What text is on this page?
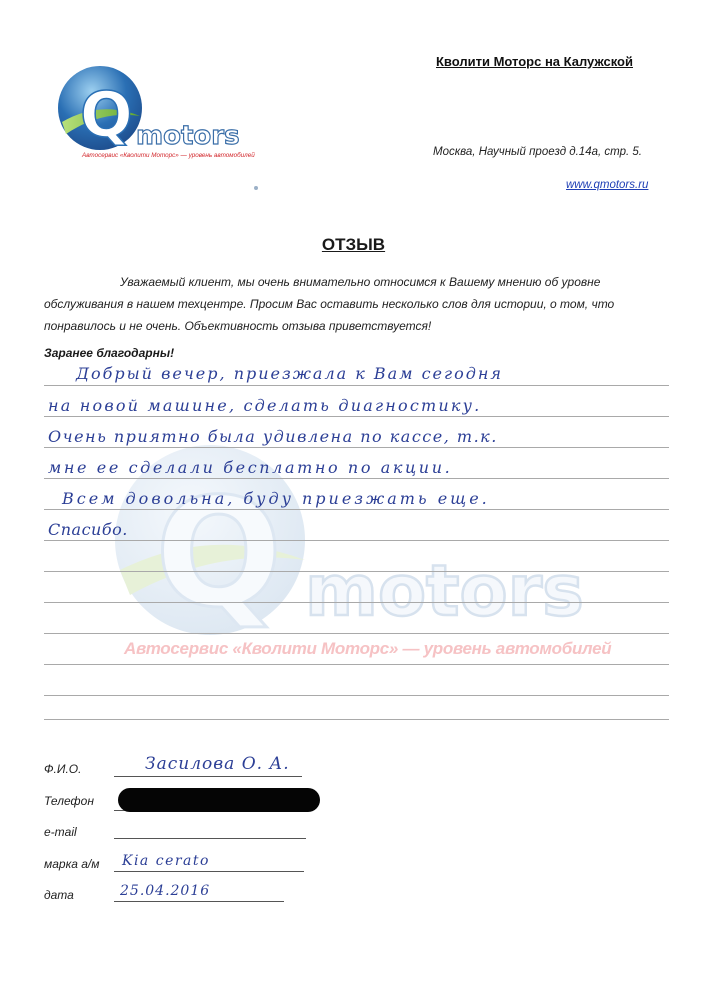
Кволити Моторс на Калужской
Q motors
Автосервис «Кволити Моторс» — уровень автомобилей	Москва, Научный проезд д.14а, стр. 5.
www.qmotors.ru
ОТЗЫВ

Уважаемый клиент, мы очень внимательно относимся к Вашему мнению об уровне обслуживания в нашем техцентре. Просим Вас оставить несколько слов для истории, о том, что понравилось и не очень. Объективность отзыва приветствуется!

Заранее благодарны!
Q motors
Автосервис «Кволити Моторс» — уровень автомобилей
Добрый вечер, приезжала к Вам сегодня
на новой машине, сделать диагностику.
Очень приятно была удивлена по кассе, т.к.
мне ее сделали бесплатно по акции.
Всем довольна, буду приезжать еще.
Спасибо.
Ф.И.О.	Засилова О. А.
Телефон
e-mail
марка а/м Kia cerato
дата	25.04.2016
